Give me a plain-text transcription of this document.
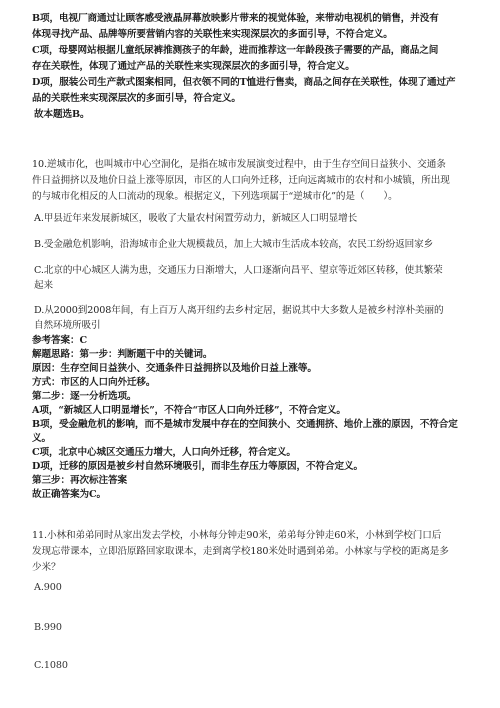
B项，电视厂商通过让顾客感受液晶屏幕放映影片带来的视觉体验，来带动电视机的销售，并没有

体现寻找产品、品牌等所要营销内容的关联性来实现深层次的多面引导，不符合定义。

C项，母婴网站根据儿童纸尿裤推测孩子的年龄，进而推荐这一年龄段孩子需要的产品，商品之间

存在关联性，体现了通过产品的关联性来实现深层次的多面引导，符合定义。

D项，服装公司生产款式图案相同，但衣领不同的T恤进行售卖，商品之间存在关联性，体现了通过产

品的关联性来实现深层次的多面引导，符合定义。

故本题选B。

10.逆城市化，也叫城市中心空洞化，是指在城市发展演变过程中，由于生存空间日益狭小、交通条

件日益拥挤以及地价日益上涨等原因，市区的人口向外迁移，迁向远离城市的农村和小城镇，所出现

的与城市化相反的人口流动的现象。根据定义，下列选项属于“逆城市化”的是（　　）。

A.甲县近年来发展新城区，吸收了大量农村闲置劳动力，新城区人口明显增长

B.受金融危机影响，沿海城市企业大规模裁员，加上大城市生活成本较高，农民工纷纷返回家乡

C.北京的中心城区人满为患，交通压力日渐增大，人口逐渐向昌平、望京等近郊区转移，使其繁荣

起来

D.从2000到2008年间，有上百万人离开纽约去乡村定居，据说其中大多数人是被乡村淳朴美丽的

自然环境所吸引

参考答案：C

解题思路：第一步：判断题干中的关键词。

原因：生存空间日益狭小、交通条件日益拥挤以及地价日益上涨等。

方式：市区的人口向外迁移。

第二步：逐一分析选项。

A项，“新城区人口明显增长”，不符合“市区人口向外迁移”，不符合定义。

B项，受金融危机的影响，而不是城市发展中存在的空间狭小、交通拥挤、地价上涨的原因，不符合定

义。

C项，北京中心城区交通压力增大，人口向外迁移，符合定义。

D项，迁移的原因是被乡村自然环境吸引，而非生存压力等原因，不符合定义。

第三步：再次标注答案

故正确答案为C。

11.小林和弟弟同时从家出发去学校，小林每分钟走90米，弟弟每分钟走60米，小林到学校门口后

发现忘带课本，立即沿原路回家取课本，走到离学校180米处时遇到弟弟。小林家与学校的距离是多

少米？

A.900

B.990

C.1080
